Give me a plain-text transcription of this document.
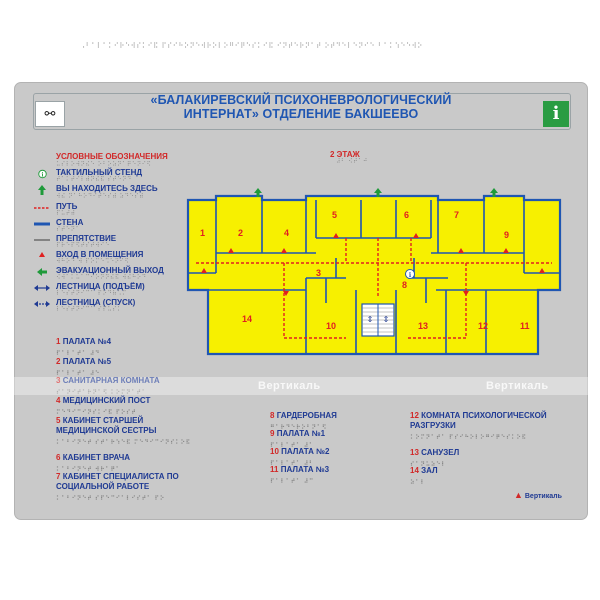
⚯	i
«БАЛАКИРЕВСКИЙ ПСИХОНЕВРОЛОГИЧЕСКИЙ
ИНТЕРНАТ» ОТДЕЛЕНИЕ БАКШЕЕВО
⠠⠃⠁⠇⠁⠅⠊⠗⠑⠺⠎⠅⠊⠯ ⠏⠎⠊⠓⠕⠝⠑⠺⠗⠕⠇⠕⠛⠊⠟⠑⠎⠅⠊⠯ ⠊⠝⠞⠑⠗⠝⠁⠞ ⠕⠞⠙⠑⠇⠑⠝⠊⠑ ⠃⠁⠅⠱⠑⠑⠺⠕
2 ЭТАЖ
⠼⠃ ⠪⠞⠁⠚
УСЛОВНЫЕ ОБОЗНАЧЕНИЯ
⠥⠎⠇⠕⠺⠝⠮⠑ ⠕⠃⠕⠵⠝⠁⠟⠑⠝⠊⠫
i ТАКТИЛЬНЫЙ СТЕНД
⠞⠁⠅⠞⠊⠇⠾⠝⠮⠯ ⠎⠞⠑⠝⠙
ВЫ НАХОДИТЕСЬ ЗДЕСЬ
⠺⠮ ⠝⠁⠓⠕⠙⠊⠞⠑⠎⠾ ⠵⠙⠑⠎⠾
ПУТЬ
⠏⠥⠞⠾
СТЕНА
⠎⠞⠑⠝⠁
ПРЕПЯТСТВИЕ
⠏⠗⠑⠏⠫⠞⠎⠞⠺⠊⠑
ВХОД В ПОМЕЩЕНИЯ
⠺⠓⠕⠙ ⠺ ⠏⠕⠍⠑⠩⠑⠝⠊⠫
ЭВАКУАЦИОННЫЙ ВЫХОД
⠪⠺⠁⠅⠥⠁⠉⠊⠕⠝⠝⠮⠯ ⠺⠮⠓⠕⠙
ЛЕСТНИЦА (ПОДЪЁМ)
⠇⠑⠎⠞⠝⠊⠉⠁ ⠏⠕⠙⠷⠡⠍
ЛЕСТНИЦА (СПУСК)
⠇⠑⠎⠞⠝⠊⠉⠁ ⠎⠏⠥⠎⠅
1 ПАЛАТА №4
⠏⠁⠇⠁⠞⠁ ⠼⠙
2 ПАЛАТА №5
⠏⠁⠇⠁⠞⠁ ⠼⠑
3 САНИТАРНАЯ КОМНАТА
⠎⠁⠝⠊⠞⠁⠗⠝⠁⠫ ⠅⠕⠍⠝⠁⠞⠁
4 МЕДИЦИНСКИЙ ПОСТ
⠍⠑⠙⠊⠉⠊⠝⠎⠅⠊⠯ ⠏⠕⠎⠞
5 КАБИНЕТ СТАРШЕЙ
МЕДИЦИНСКОЙ СЕСТРЫ
⠅⠁⠃⠊⠝⠑⠞ ⠎⠞⠁⠗⠱⠑⠯ ⠍⠑⠙⠊⠉⠊⠝⠎⠅⠕⠯
6 КАБИНЕТ ВРАЧА
⠅⠁⠃⠊⠝⠑⠞ ⠺⠗⠁⠟⠁
7 КАБИНЕТ СПЕЦИАЛИСТА ПО
СОЦИАЛЬНОЙ РАБОТЕ
⠅⠁⠃⠊⠝⠑⠞ ⠎⠏⠑⠉⠊⠁⠇⠊⠎⠞⠁ ⠏⠕
8 ГАРДЕРОБНАЯ
⠛⠁⠗⠙⠑⠗⠕⠃⠝⠁⠫
9 ПАЛАТА №1
⠏⠁⠇⠁⠞⠁ ⠼⠁
10 ПАЛАТА №2
⠏⠁⠇⠁⠞⠁ ⠼⠃
11 ПАЛАТА №3
⠏⠁⠇⠁⠞⠁ ⠼⠉
12 КОМНАТА ПСИХОЛОГИЧЕСКОЙ
РАЗГРУЗКИ
⠅⠕⠍⠝⠁⠞⠁ ⠏⠎⠊⠓⠕⠇⠕⠛⠊⠟⠑⠎⠅⠕⠯
13 САНУЗЕЛ
⠎⠁⠝⠥⠵⠑⠇
14 ЗАЛ
⠵⠁⠇
⇕ ⇕
i
1	2
3
4
5	6	7
8
9
10	11
12
13
14
Вертикаль	Вертикаль
▲ Вертикаль
